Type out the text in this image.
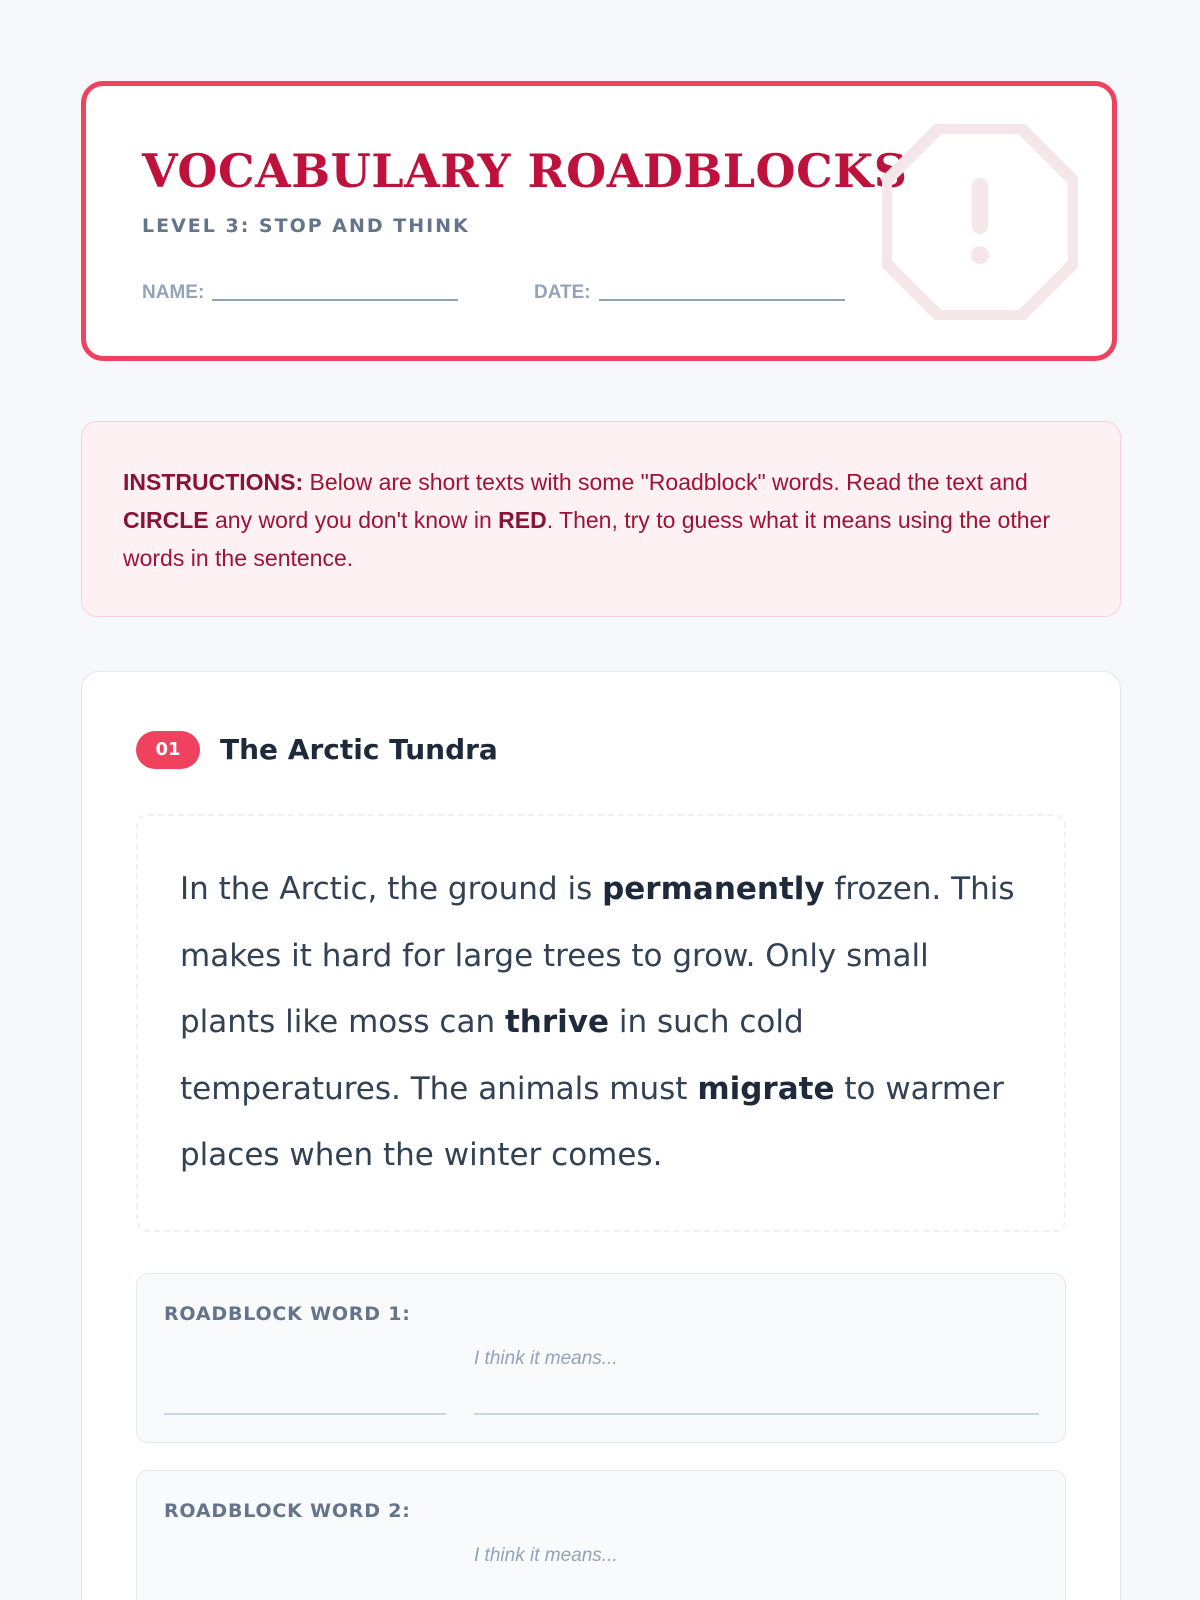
VOCABULARY ROADBLOCKS
LEVEL 3: STOP AND THINK
NAME:	DATE:
INSTRUCTIONS: Below are short texts with some "Roadblock" words. Read the text and CIRCLE any word you don't know in RED. Then, try to guess what it means using the other words in the sentence.
01	The Arctic Tundra
In the Arctic, the ground is permanently frozen. This makes it hard for large trees to grow. Only small plants like moss can thrive in such cold temperatures. The animals must migrate to warmer places when the winter comes.
ROADBLOCK WORD 1:
I think it means...
ROADBLOCK WORD 2:
I think it means...
